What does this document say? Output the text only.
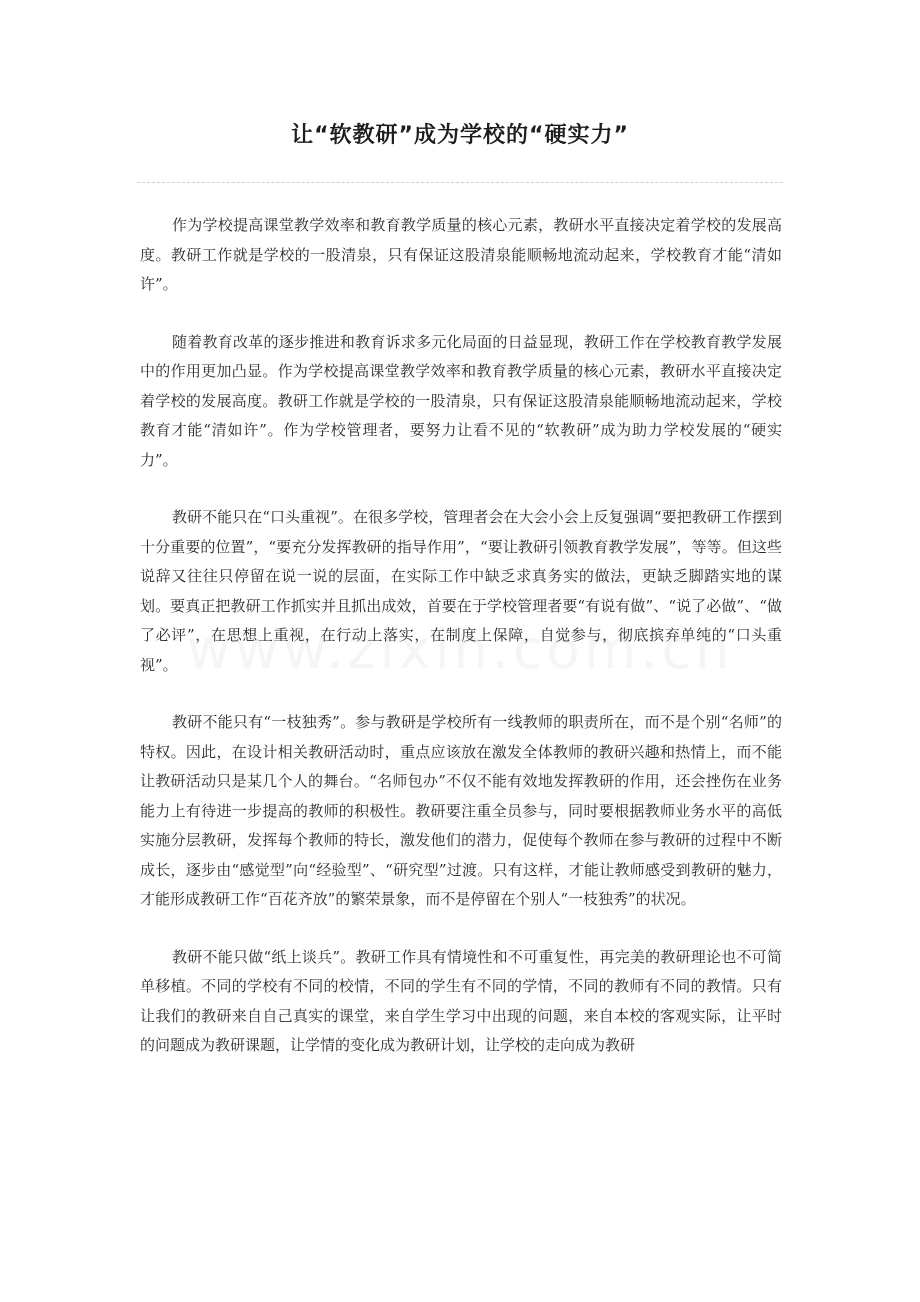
让“软教研”成为学校的“硬实力”

作为学校提高课堂教学效率和教育教学质量的核心元素，教研水平直接决定着学校的发展高度。教研工作就是学校的一股清泉，只有保证这股清泉能顺畅地流动起来，学校教育才能“清如许”。

随着教育改革的逐步推进和教育诉求多元化局面的日益显现，教研工作在学校教育教学发展中的作用更加凸显。作为学校提高课堂教学效率和教育教学质量的核心元素，教研水平直接决定着学校的发展高度。教研工作就是学校的一股清泉，只有保证这股清泉能顺畅地流动起来，学校教育才能“清如许”。作为学校管理者，要努力让看不见的“软教研”成为助力学校发展的“硬实力”。

教研不能只在“口头重视”。在很多学校，管理者会在大会小会上反复强调“要把教研工作摆到十分重要的位置”，“要充分发挥教研的指导作用”，“要让教研引领教育教学发展”，等等。但这些说辞又往往只停留在说一说的层面，在实际工作中缺乏求真务实的做法，更缺乏脚踏实地的谋划。要真正把教研工作抓实并且抓出成效，首要在于学校管理者要“有说有做”、“说了必做”、“做了必评”，在思想上重视，在行动上落实，在制度上保障，自觉参与，彻底摈弃单纯的“口头重视”。

教研不能只有“一枝独秀”。参与教研是学校所有一线教师的职责所在，而不是个别“名师”的特权。因此，在设计相关教研活动时，重点应该放在激发全体教师的教研兴趣和热情上，而不能让教研活动只是某几个人的舞台。“名师包办”不仅不能有效地发挥教研的作用，还会挫伤在业务能力上有待进一步提高的教师的积极性。教研要注重全员参与，同时要根据教师业务水平的高低实施分层教研，发挥每个教师的特长，激发他们的潜力，促使每个教师在参与教研的过程中不断成长，逐步由“感觉型”向“经验型”、“研究型”过渡。只有这样，才能让教师感受到教研的魅力，才能形成教研工作“百花齐放”的繁荣景象，而不是停留在个别人“一枝独秀”的状况。

教研不能只做“纸上谈兵”。教研工作具有情境性和不可重复性，再完美的教研理论也不可简单移植。不同的学校有不同的校情，不同的学生有不同的学情，不同的教师有不同的教情。只有让我们的教研来自自己真实的课堂，来自学生学习中出现的问题，来自本校的客观实际，让平时的问题成为教研课题，让学情的变化成为教研计划，让学校的走向成为教研
